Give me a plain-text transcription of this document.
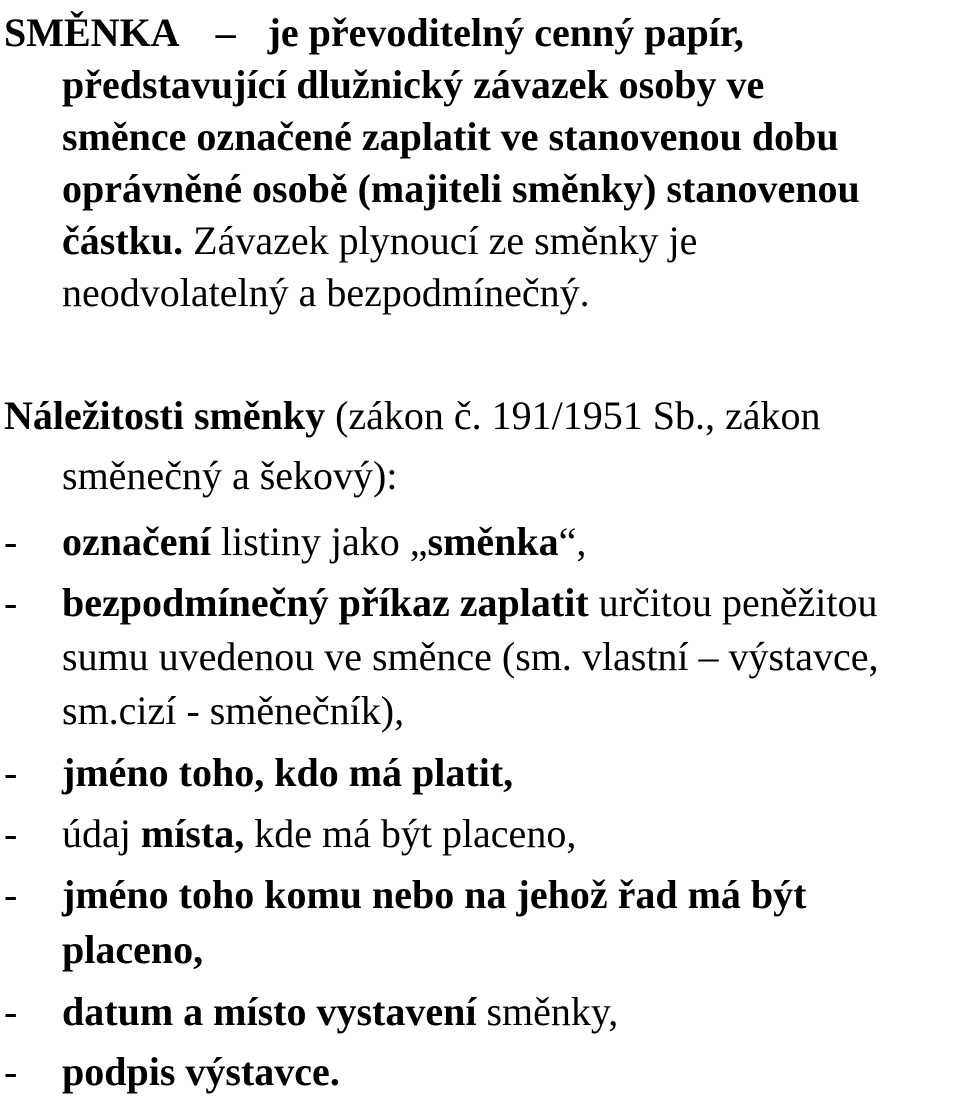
SMĚNKA – je převoditelný cenný papír,
představující dlužnický závazek osoby ve
směnce označené zaplatit ve stanovenou dobu
oprávněné osobě (majiteli směnky) stanovenou
částku. Závazek plynoucí ze směnky je
neodvolatelný a bezpodmínečný.
Náležitosti směnky (zákon č. 191/1951 Sb., zákon
směnečný a šekový):
- označení listiny jako „směnka“,
- bezpodmínečný příkaz zaplatit určitou peněžitou
sumu uvedenou ve směnce (sm. vlastní – výstavce,
sm.cizí - směnečník),
- jméno toho, kdo má platit,
- údaj místa, kde má být placeno,
- jméno toho komu nebo na jehož řad má být
placeno,
- datum a místo vystavení směnky,
- podpis výstavce.
